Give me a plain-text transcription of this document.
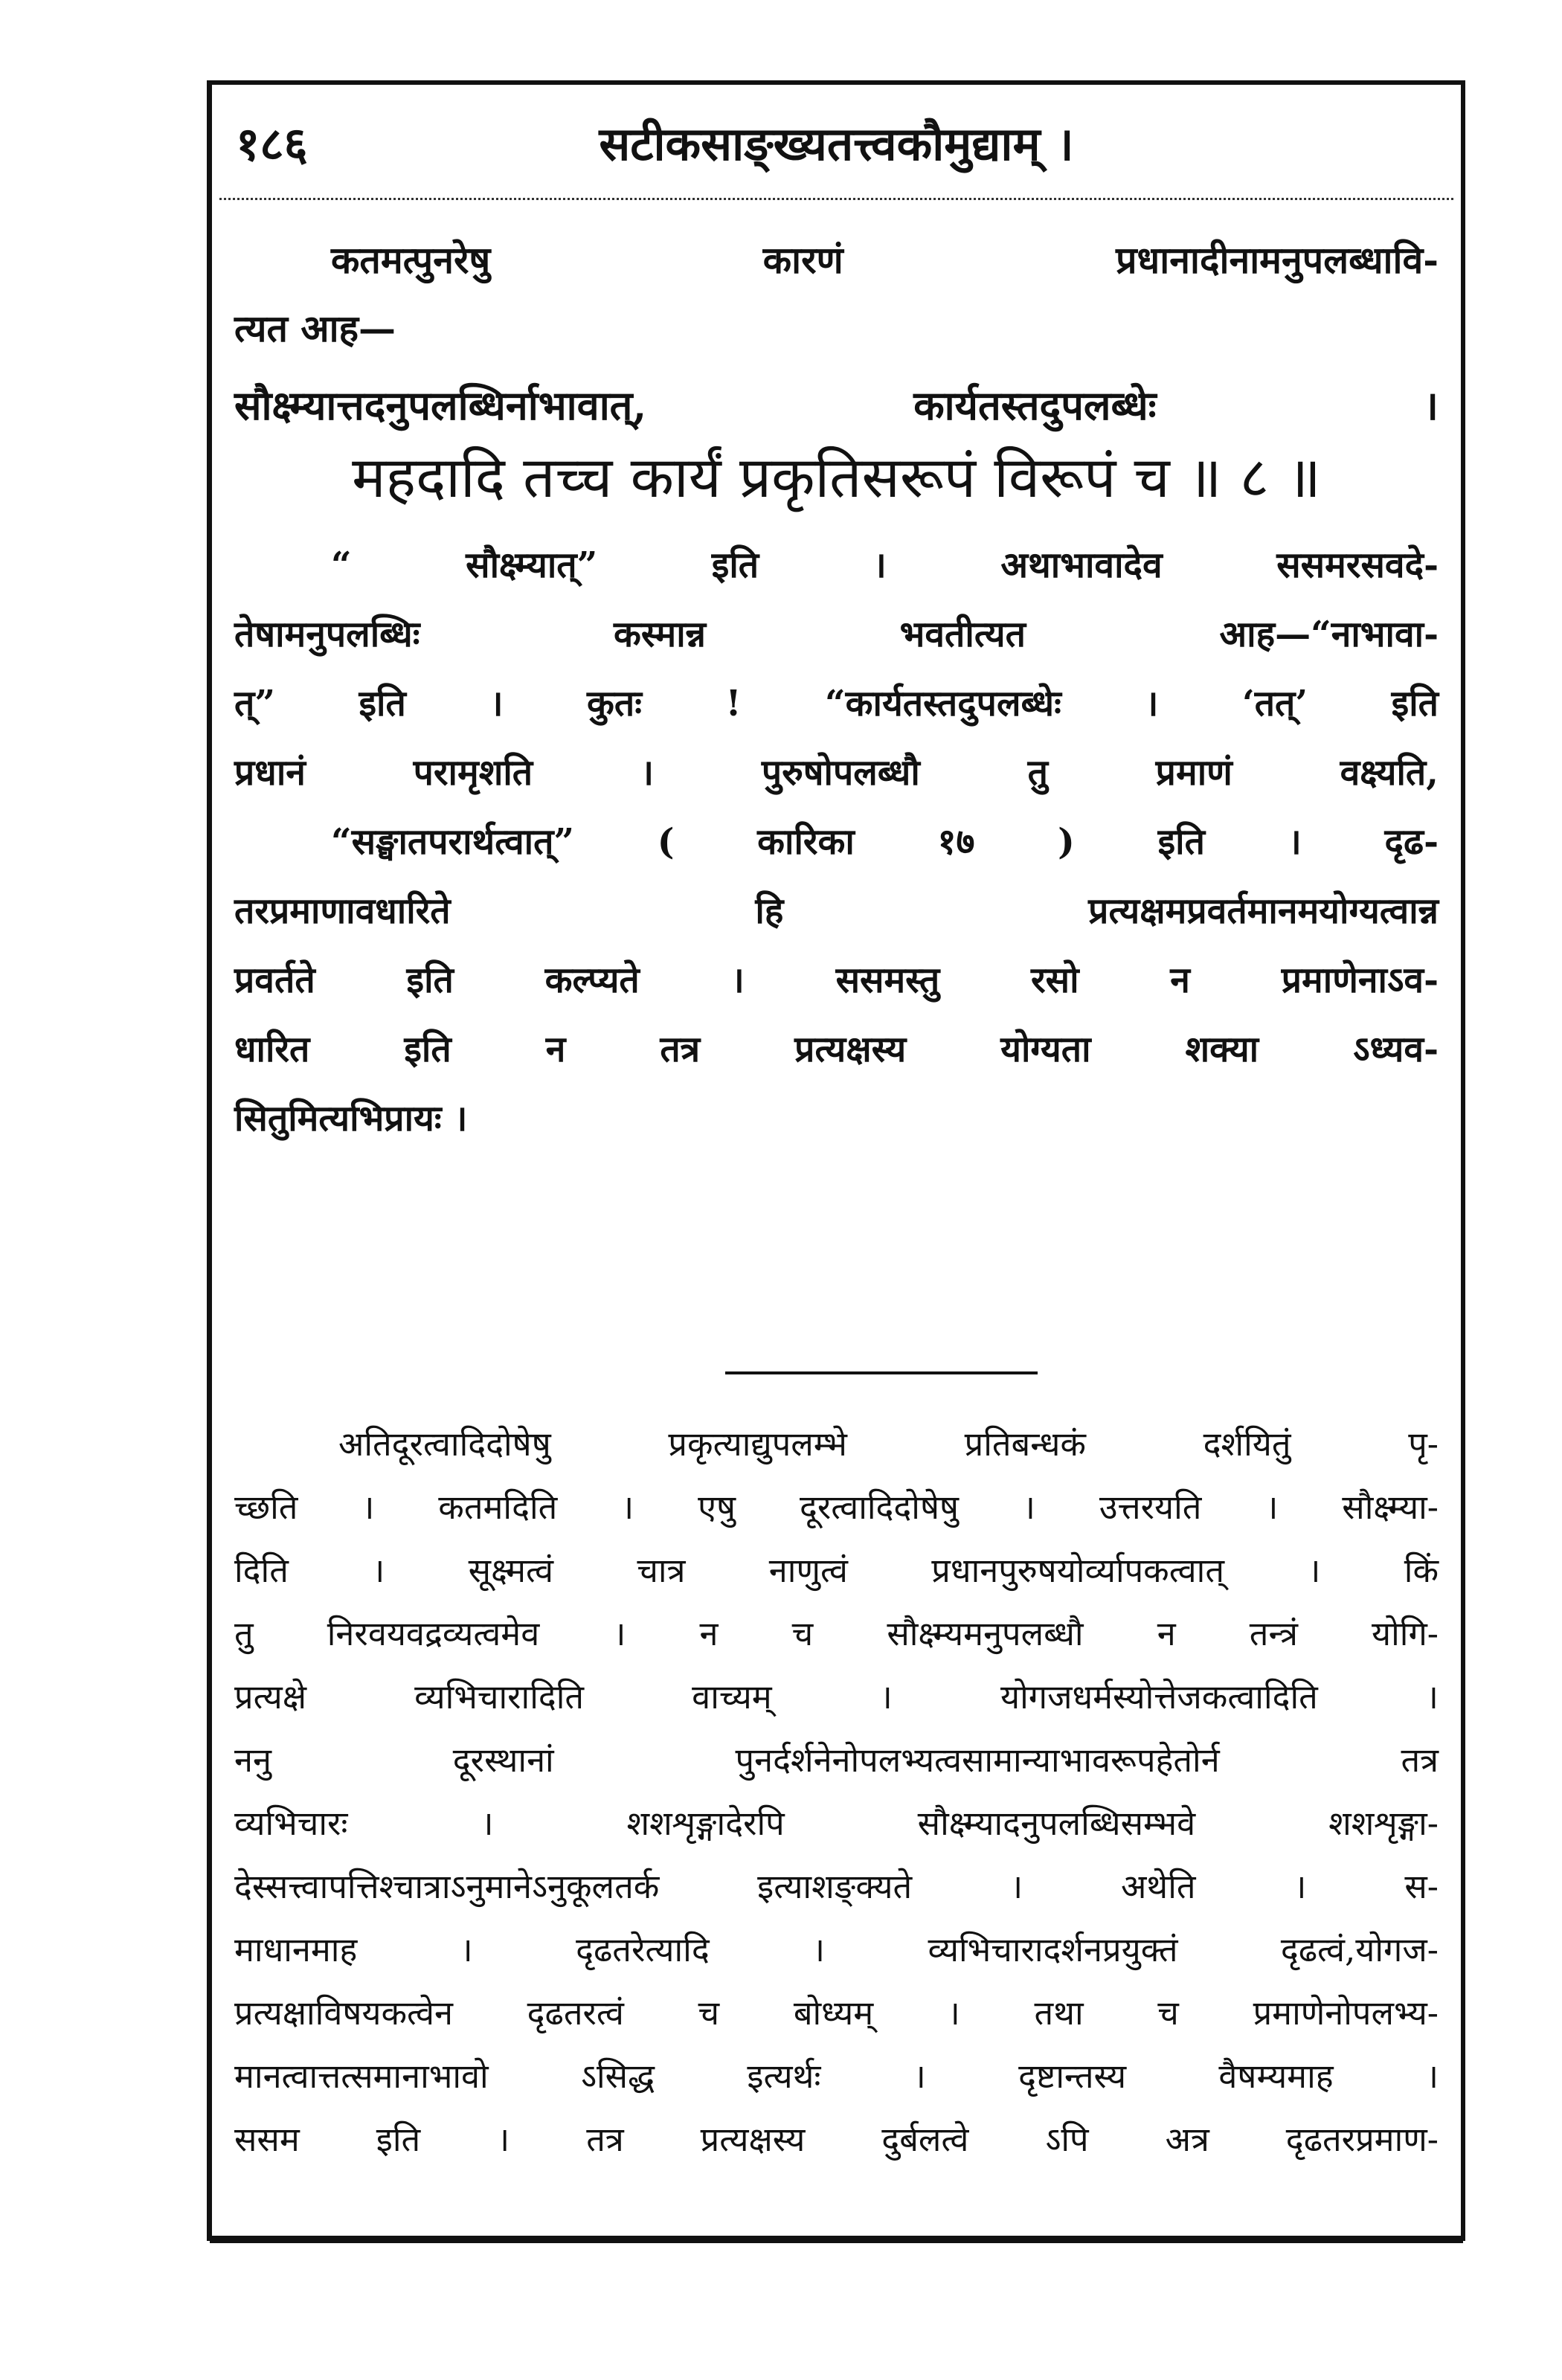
१८६	सटीकसाङ्ख्यतत्त्वकौमुद्याम् ।

कतमत्पुनरेषु कारणं प्रधानादीनामनुपलब्धावि-

त्यत आह—

सौक्ष्म्यात्तदनुपलब्धिर्नाभावात्, कार्यतस्तदुपलब्धेः ।
महदादि तच्च कार्यं प्रकृतिसरूपं विरूपं च ॥ ८ ॥

“ सौक्ष्म्यात्” इति । अथाभावादेव ससमरसवदे-

तेषामनुपलब्धिः कस्मान्न भवतीत्यत आह—“नाभावा-

त्” इति । कुतः ! “कार्यतस्तदुपलब्धेः । ‘तत्’ इति

प्रधानं परामृशति । पुरुषोपलब्धौ तु प्रमाणं वक्ष्यति,

“सङ्घातपरार्थत्वात्” ( कारिका १७ ) इति । दृढ-

तरप्रमाणावधारिते हि प्रत्यक्षमप्रवर्तमानमयोग्यत्वान्न

प्रवर्तते इति कल्प्यते । ससमस्तु रसो न प्रमाणेनाऽव-

धारित इति न तत्र प्रत्यक्षस्य योग्यता शक्या ऽध्यव-

सितुमित्यभिप्रायः ।

अतिदूरत्वादिदोषेषु प्रकृत्याद्युपलम्भे प्रतिबन्धकं दर्शयितुं पृ-

च्छति । कतमदिति । एषु दूरत्वादिदोषेषु । उत्तरयति । सौक्ष्म्या-

दिति । सूक्ष्मत्वं चात्र नाणुत्वं प्रधानपुरुषयोर्व्यापकत्वात् । किं

तु निरवयवद्रव्यत्वमेव । न च सौक्ष्म्यमनुपलब्धौ न तन्त्रं योगि-

प्रत्यक्षे व्यभिचारादिति वाच्यम् । योगजधर्मस्योत्तेजकत्वादिति ।

ननु दूरस्थानां पुनर्दर्शनेनोपलभ्यत्वसामान्याभावरूपहेतोर्न तत्र

व्यभिचारः । शशशृङ्गादेरपि सौक्ष्म्यादनुपलब्धिसम्भवे शशशृङ्गा-

देस्सत्त्वापत्तिश्चात्राऽनुमानेऽनुकूलतर्क इत्याशङ्क्यते । अथेति । स-

माधानमाह । दृढतरेत्यादि । व्यभिचारादर्शनप्रयुक्तं दृढत्वं,योगज-

प्रत्यक्षाविषयकत्वेन दृढतरत्वं च बोध्यम् । तथा च प्रमाणेनोपलभ्य-

मानत्वात्तत्समानाभावो ऽसिद्ध इत्यर्थः । दृष्टान्तस्य वैषम्यमाह ।

ससम इति । तत्र प्रत्यक्षस्य दुर्बलत्वे ऽपि अत्र दृढतरप्रमाण-
